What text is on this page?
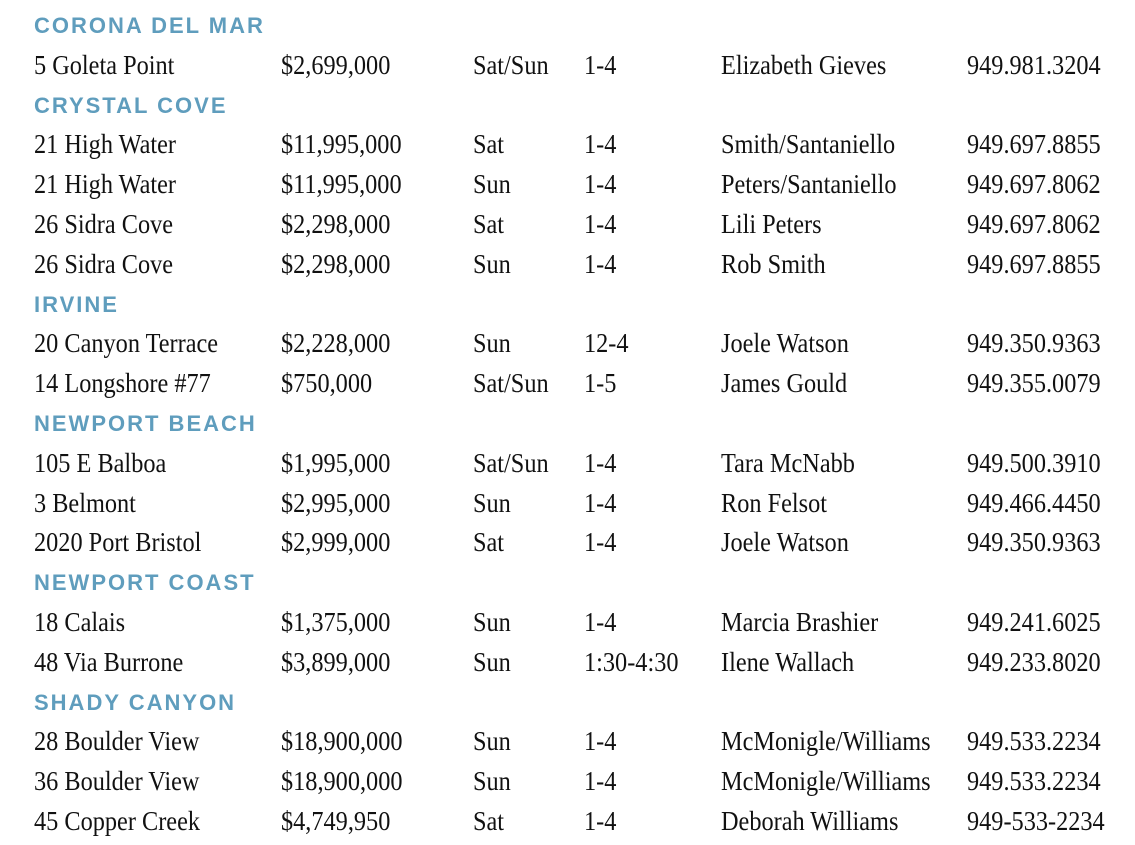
CORONA DEL MAR
5 Goleta Point	$2,699,000	Sat/Sun	1-4	Elizabeth Gieves	949.981.3204
CRYSTAL COVE
21 High Water	$11,995,000	Sat	1-4	Smith/Santaniello	949.697.8855
21 High Water	$11,995,000	Sun	1-4	Peters/Santaniello	949.697.8062
26 Sidra Cove	$2,298,000	Sat	1-4	Lili Peters	949.697.8062
26 Sidra Cove	$2,298,000	Sun	1-4	Rob Smith	949.697.8855
IRVINE
20 Canyon Terrace	$2,228,000	Sun	12-4	Joele Watson	949.350.9363
14 Longshore #77	$750,000	Sat/Sun	1-5	James Gould	949.355.0079
NEWPORT BEACH
105 E Balboa	$1,995,000	Sat/Sun	1-4	Tara McNabb	949.500.3910
3 Belmont	$2,995,000	Sun	1-4	Ron Felsot	949.466.4450
2020 Port Bristol	$2,999,000	Sat	1-4	Joele Watson	949.350.9363
NEWPORT COAST
18 Calais	$1,375,000	Sun	1-4	Marcia Brashier	949.241.6025
48 Via Burrone	$3,899,000	Sun	1:30-4:30	Ilene Wallach	949.233.8020
SHADY CANYON
28 Boulder View	$18,900,000	Sun	1-4	McMonigle/Williams	949.533.2234
36 Boulder View	$18,900,000	Sun	1-4	McMonigle/Williams	949.533.2234
45 Copper Creek	$4,749,950	Sat	1-4	Deborah Williams	949-533-2234
